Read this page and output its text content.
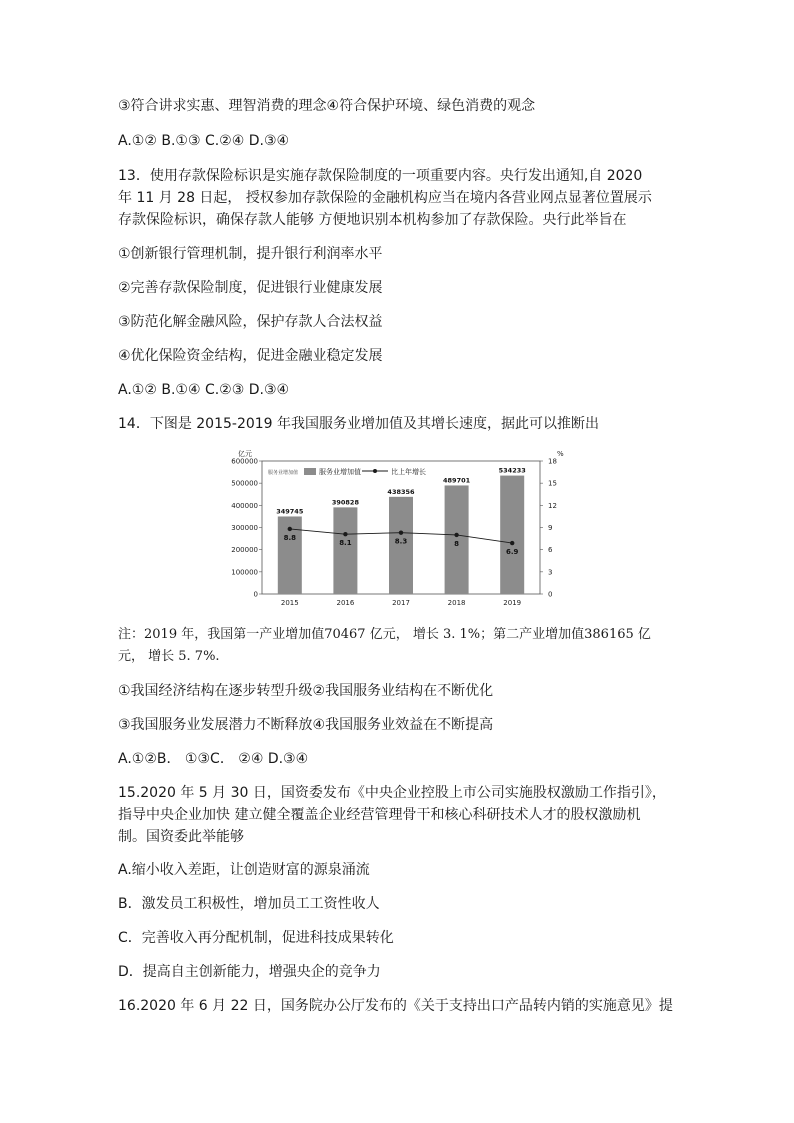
③符合讲求实惠、理智消费的理念④符合保护环境、绿色消费的观念
A.①② B.①③ C.②④ D.③④
13．使用存款保险标识是实施存款保险制度的一项重要内容。央行发出通知,自 2020
年 11 月 28 日起， 授权参加存款保险的金融机构应当在境内各营业网点显著位置展示
存款保险标识，确保存款人能够 方便地识别本机构参加了存款保险。央行此举旨在
①创新银行管理机制，提升银行利润率水平
②完善存款保险制度，促进银行业健康发展
③防范化解金融风险，保护存款人合法权益
④优化保险资金结构，促进金融业稳定发展
A.①② B.①④ C.②③ D.③④
14．下图是 2015-2019 年我国服务业增加值及其增长速度，据此可以推断出
亿元	%
0
100000
200000
300000
400000
500000
600000
0
3
6
9
12
15
18
服务业增加值	服务业增加值	比上年增长
349745
390828
438356
489701
534233
8.8
8.1	8.3	8
6.9
2015	2016	2017	2018	2019
注：2019 年，我国第一产业增加值70467 亿元， 增长 3. 1%；第二产业增加值386165 亿
元， 增长 5. 7%.
①我国经济结构在逐步转型升级②我国服务业结构在不断优化
③我国服务业发展潜力不断释放④我国服务业效益在不断提高
A.①②B． ①③C． ②④ D.③④
15.2020 年 5 月 30 日，国资委发布《中央企业控股上市公司实施股权激励工作指引》，
指导中央企业加快 建立健全覆盖企业经营管理骨干和核心科研技术人才的股权激励机
制。国资委此举能够
A.缩小收入差距，让创造财富的源泉涌流
B．激发员工积极性，增加员工工资性收人
C．完善收入再分配机制，促进科技成果转化
D．提高自主创新能力，增强央企的竞争力
16.2020 年 6 月 22 日，国务院办公厅发布的《关于支持出口产品转内销的实施意见》提
